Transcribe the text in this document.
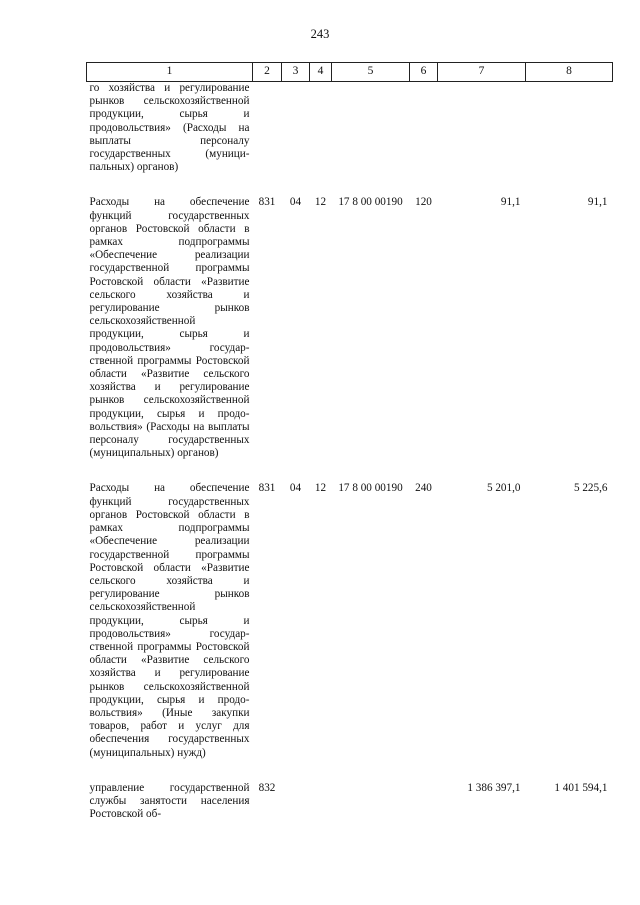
243
1	2	3	4	5	6	7	8
го хозяйства и регулирование рынков сельскохозяйственной продукции, сырья и продовольствия» (Расходы на выплаты персоналу государственных (муниципальных) органов)							

Расходы на обеспечение функций государственных органов Ростовской области в рамках подпрограммы «Обеспечение реализации государственной программы Ростовской области «Развитие сельского хозяйства и регулирование рынков сельскохозяйственной продукции, сырья и продовольствия» государственной программы Ростовской области «Развитие сельского хозяйства и регулирование рынков сельскохозяйственной продукции, сырья и продовольствия» (Расходы на выплаты персоналу государственных (муниципальных) органов)	831	04	12	17 8 00 00190	120	91,1	91,1

Расходы на обеспечение функций государственных органов Ростовской области в рамках подпрограммы «Обеспечение реализации государственной программы Ростовской области «Развитие сельского хозяйства и регулирование рынков сельскохозяйственной продукции, сырья и продовольствия» государственной программы Ростовской области «Развитие сельского хозяйства и регулирование рынков сельскохозяйственной продукции, сырья и продовольствия» (Иные закупки товаров, работ и услуг для обеспечения государственных (муниципальных) нужд)	831	04	12	17 8 00 00190	240	5 201,0	5 225,6

управление государственной службы занятости населения Ростовской об-	832					1 386 397,1	1 401 594,1
